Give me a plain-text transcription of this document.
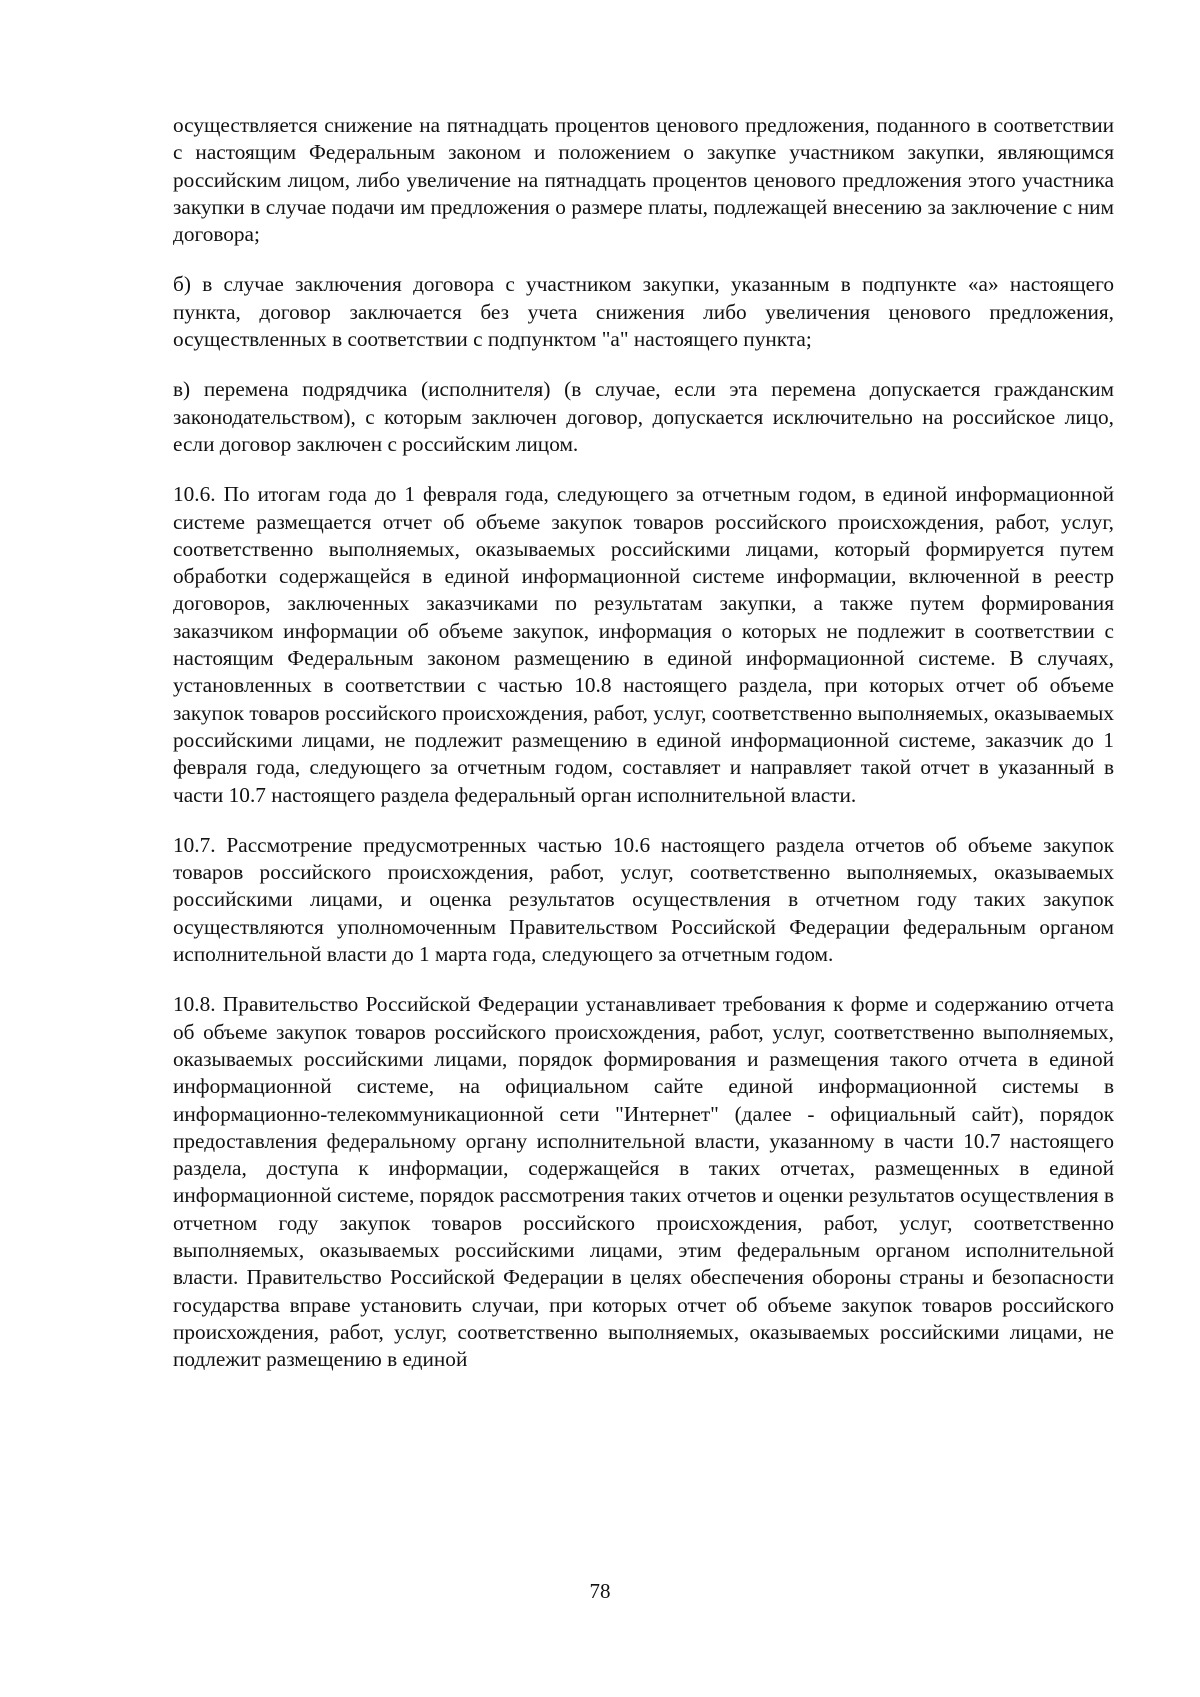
осуществляется снижение на пятнадцать процентов ценового предложения, поданного в соответствии с настоящим Федеральным законом и положением о закупке участником закупки, являющимся российским лицом, либо увеличение на пятнадцать процентов ценового предложения этого участника закупки в случае подачи им предложения о размере платы, подлежащей внесению за заключение с ним договора;

б) в случае заключения договора с участником закупки, указанным в подпункте «а» настоящего пункта, договор заключается без учета снижения либо увеличения ценового предложения, осуществленных в соответствии с подпунктом "а" настоящего пункта;

в) перемена подрядчика (исполнителя) (в случае, если эта перемена допускается гражданским законодательством), с которым заключен договор, допускается исключительно на российское лицо, если договор заключен с российским лицом.

10.6. По итогам года до 1 февраля года, следующего за отчетным годом, в единой информационной системе размещается отчет об объеме закупок товаров российского происхождения, работ, услуг, соответственно выполняемых, оказываемых российскими лицами, который формируется путем обработки содержащейся в единой информационной системе информации, включенной в реестр договоров, заключенных заказчиками по результатам закупки, а также путем формирования заказчиком информации об объеме закупок, информация о которых не подлежит в соответствии с настоящим Федеральным законом размещению в единой информационной системе. В случаях, установленных в соответствии с частью 10.8 настоящего раздела, при которых отчет об объеме закупок товаров российского происхождения, работ, услуг, соответственно выполняемых, оказываемых российскими лицами, не подлежит размещению в единой информационной системе, заказчик до 1 февраля года, следующего за отчетным годом, составляет и направляет такой отчет в указанный в части 10.7 настоящего раздела федеральный орган исполнительной власти.

10.7. Рассмотрение предусмотренных частью 10.6 настоящего раздела отчетов об объеме закупок товаров российского происхождения, работ, услуг, соответственно выполняемых, оказываемых российскими лицами, и оценка результатов осуществления в отчетном году таких закупок осуществляются уполномоченным Правительством Российской Федерации федеральным органом исполнительной власти до 1 марта года, следующего за отчетным годом.

10.8. Правительство Российской Федерации устанавливает требования к форме и содержанию отчета об объеме закупок товаров российского происхождения, работ, услуг, соответственно выполняемых, оказываемых российскими лицами, порядок формирования и размещения такого отчета в единой информационной системе, на официальном сайте единой информационной системы в информационно-телекоммуникационной сети "Интернет" (далее - официальный сайт), порядок предоставления федеральному органу исполнительной власти, указанному в части 10.7 настоящего раздела, доступа к информации, содержащейся в таких отчетах, размещенных в единой информационной системе, порядок рассмотрения таких отчетов и оценки результатов осуществления в отчетном году закупок товаров российского происхождения, работ, услуг, соответственно выполняемых, оказываемых российскими лицами, этим федеральным органом исполнительной власти. Правительство Российской Федерации в целях обеспечения обороны страны и безопасности государства вправе установить случаи, при которых отчет об объеме закупок товаров российского происхождения, работ, услуг, соответственно выполняемых, оказываемых российскими лицами, не подлежит размещению в единой

78
